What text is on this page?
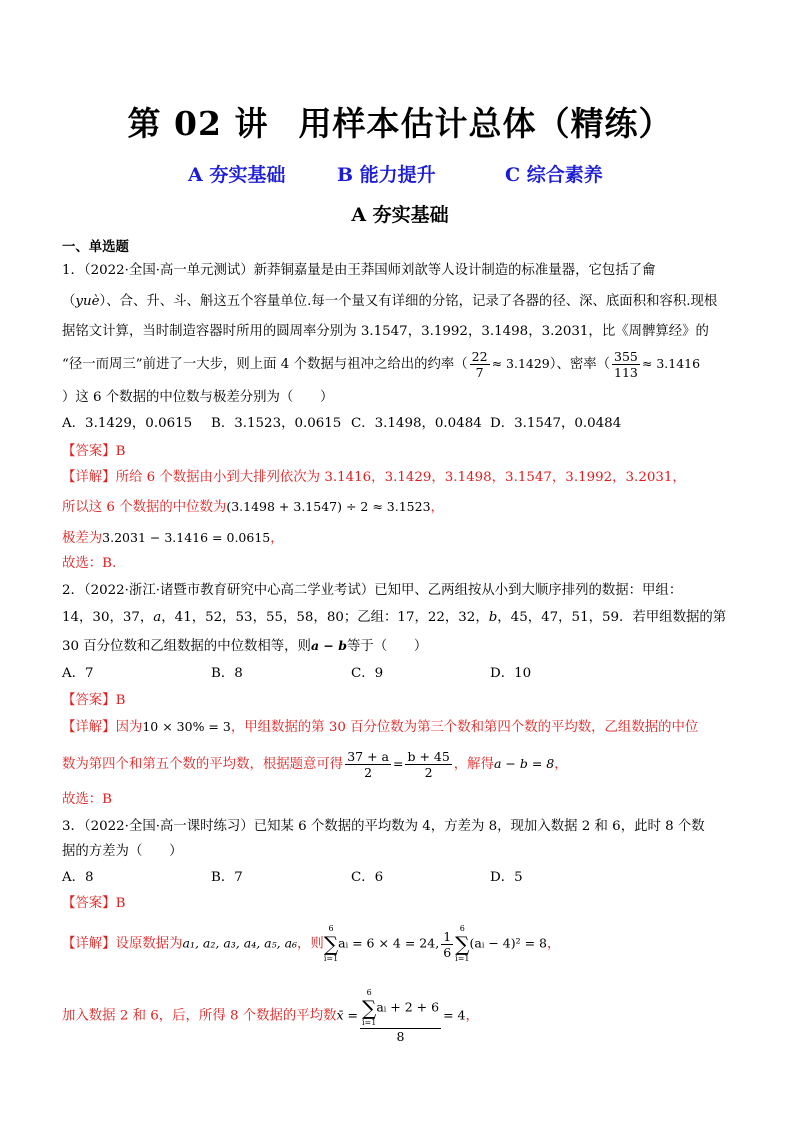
第 02 讲 用样本估计总体（精练）
A 夯实基础	B 能力提升	C 综合素养
A 夯实基础
一、单选题
1．（2022·全国·高一单元测试）新莽铜嘉量是由王莽国师刘歆等人设计制造的标准量器，它包括了龠
（yuè）、合、升、斗、斛这五个容量单位.每一个量又有详细的分铭，记录了各器的径、深、底面积和容积.现根
据铭文计算，当时制造容器时所用的圆周率分别为 3.1547，3.1992，3.1498，3.2031，比《周髀算经》的
“径一而周三”前进了一大步，则上面 4 个数据与祖冲之给出的约率（ $\frac{22}{7} \approx 3.1429$）、密率（ $\frac{355}{113} \approx 3.1416$
）这 6 个数据的中位数与极差分别为（　　）
A．3.1429，0.0615 B．3.1523，0.0615 C．3.1498，0.0484 D．3.1547，0.0484
【答案】B
【详解】所给 6 个数据由小到大排列依次为 3.1416，3.1429，3.1498，3.1547，3.1992，3.2031，
所以这 6 个数据的中位数为(3.1498 + 3.1547) ÷ 2 ≈ 3.1523，
极差为3.2031 − 3.1416 = 0.0615，
故选：B.
2．（2022·浙江·诸暨市教育研究中心高二学业考试）已知甲、乙两组按从小到大顺序排列的数据：甲组：
14，30，37，a，41，52，53，55，58，80；乙组：17，22，32，b，45，47，51，59．若甲组数据的第
30 百分位数和乙组数据的中位数相等，则a − b等于（　　）
A．7	B．8	C．9	D．10
【答案】B
【详解】因为10 × 30% = 3，甲组数据的第 30 百分位数为第三个数和第四个数的平均数，乙组数据的中位
数为第四个和第五个数的平均数，根据题意可得 $\frac{37 + a}{2} = \frac{b + 45}{2}$ ，解得a − b = 8，
故选：B
3．（2022·全国·高一课时练习）已知某 6 个数据的平均数为 4，方差为 8，现加入数据 2 和 6，此时 8 个数
据的方差为（　　）
A．8	B．7	C．6	D．5
【答案】B
【详解】设原数据为a₁, a₂, a₃, a₄, a₅, a₆，则6
∑
i=1aᵢ = 6 × 4 = 24, $\frac{1}{6} 6$
∑
i=1(aᵢ − 4)² = 8，
加入数据 2 和 6，后，所得 8 个数据的平均数x̄ = 6
∑
i=1aᵢ + 2 + 6
8 = 4，
